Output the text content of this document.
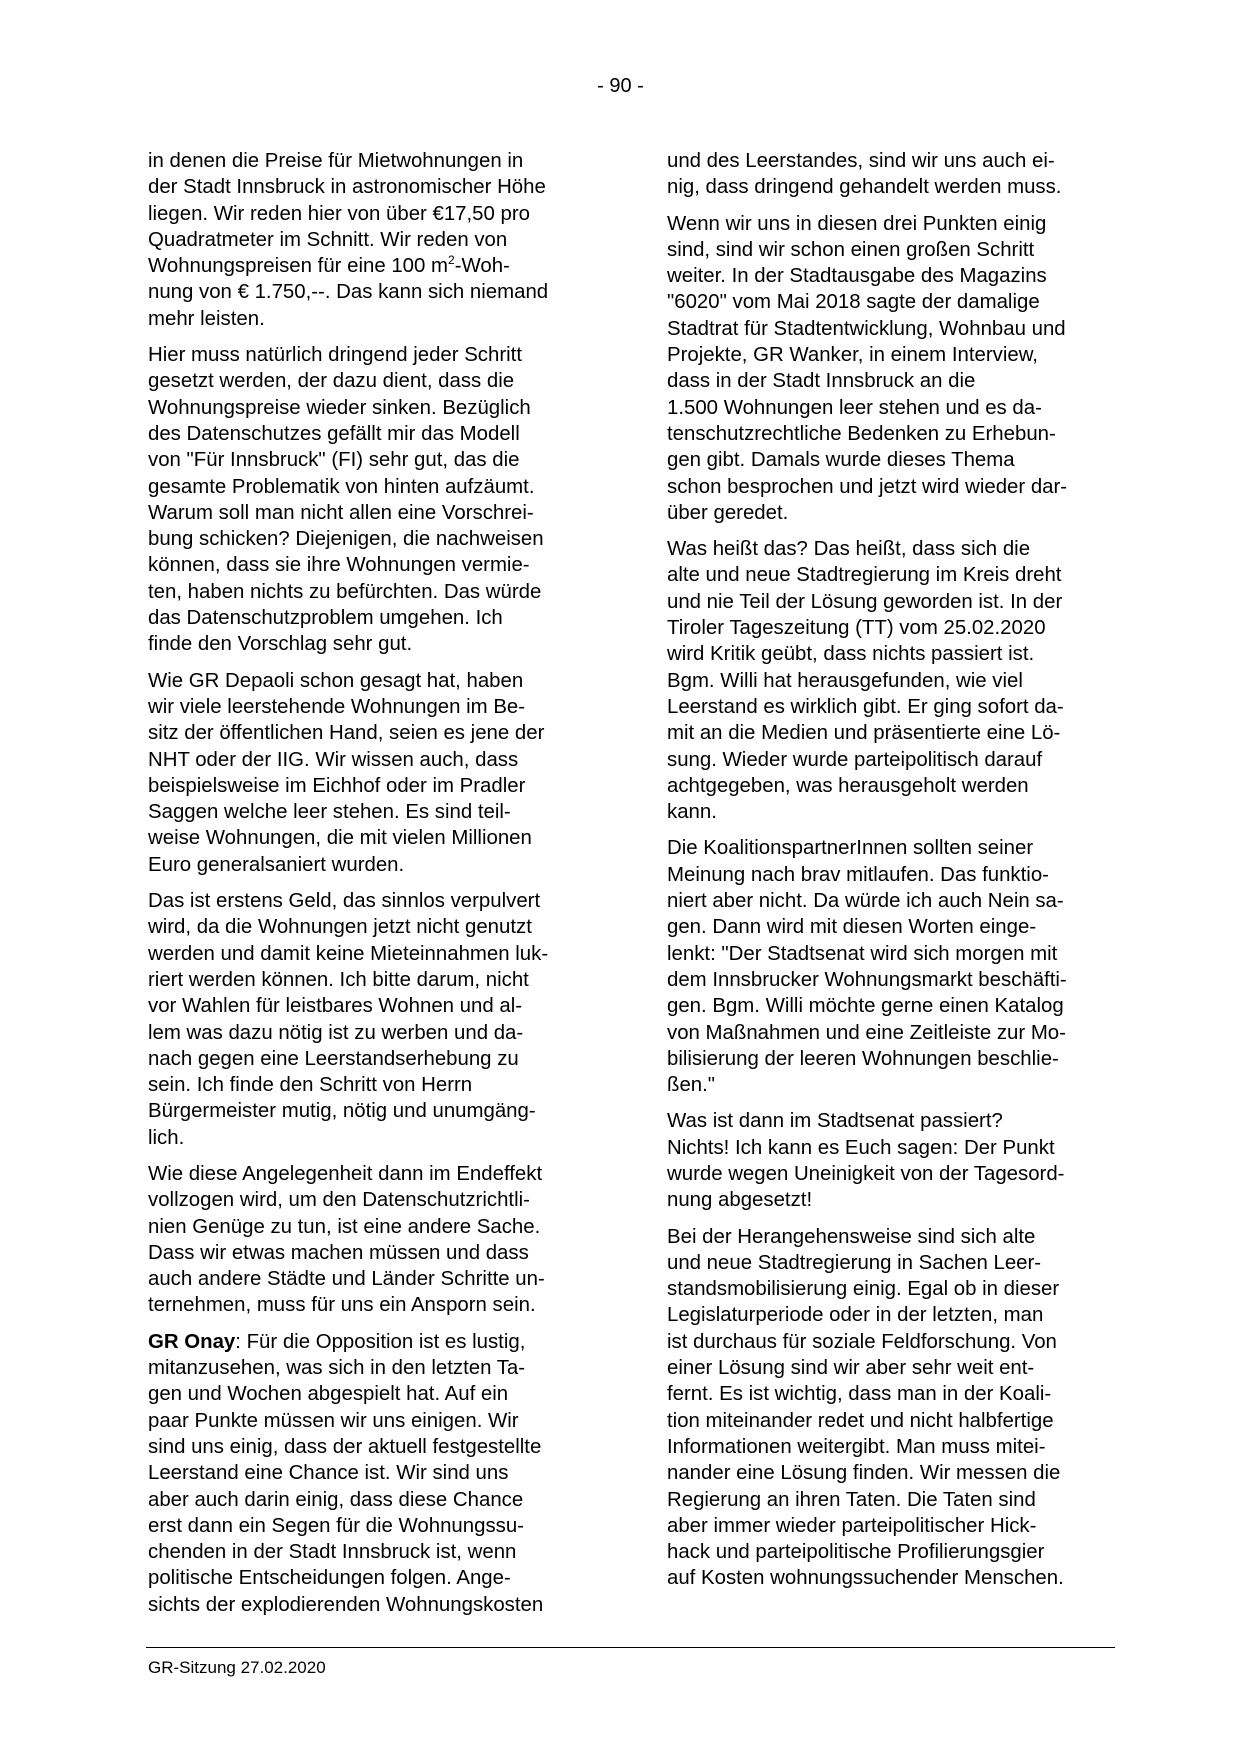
- 90 -

in denen die Preise für Mietwohnungen in
der Stadt Innsbruck in astronomischer Höhe
liegen. Wir reden hier von über €17,50 pro
Quadratmeter im Schnitt. Wir reden von
Wohnungspreisen für eine 100 $m^2-Woh-$
nung von € 1.750,--. Das kann sich niemand
mehr leisten.

Hier muss natürlich dringend jeder Schritt
gesetzt werden, der dazu dient, dass die
Wohnungspreise wieder sinken. Bezüglich
des Datenschutzes gefällt mir das Modell
von "Für Innsbruck" (FI) sehr gut, das die
gesamte Problematik von hinten aufzäumt.
Warum soll man nicht allen eine Vorschrei-
bung schicken? Diejenigen, die nachweisen
können, dass sie ihre Wohnungen vermie-
ten, haben nichts zu befürchten. Das würde
das Datenschutzproblem umgehen. Ich
finde den Vorschlag sehr gut.

Wie GR Depaoli schon gesagt hat, haben
wir viele leerstehende Wohnungen im Be-
sitz der öffentlichen Hand, seien es jene der
NHT oder der IIG. Wir wissen auch, dass
beispielsweise im Eichhof oder im Pradler
Saggen welche leer stehen. Es sind teil-
weise Wohnungen, die mit vielen Millionen
Euro generalsaniert wurden.

Das ist erstens Geld, das sinnlos verpulvert
wird, da die Wohnungen jetzt nicht genutzt
werden und damit keine Mieteinnahmen luk-
riert werden können. Ich bitte darum, nicht
vor Wahlen für leistbares Wohnen und al-
lem was dazu nötig ist zu werben und da-
nach gegen eine Leerstandserhebung zu
sein. Ich finde den Schritt von Herrn
Bürgermeister mutig, nötig und unumgäng-
lich.

Wie diese Angelegenheit dann im Endeffekt
vollzogen wird, um den Datenschutzrichtli-
nien Genüge zu tun, ist eine andere Sache.
Dass wir etwas machen müssen und dass
auch andere Städte und Länder Schritte un-
ternehmen, muss für uns ein Ansporn sein.

GR Onay: Für die Opposition ist es lustig,
mitanzusehen, was sich in den letzten Ta-
gen und Wochen abgespielt hat. Auf ein
paar Punkte müssen wir uns einigen. Wir
sind uns einig, dass der aktuell festgestellte
Leerstand eine Chance ist. Wir sind uns
aber auch darin einig, dass diese Chance
erst dann ein Segen für die Wohnungssu-
chenden in der Stadt Innsbruck ist, wenn
politische Entscheidungen folgen. Ange-
sichts der explodierenden Wohnungskosten

und des Leerstandes, sind wir uns auch ei-
nig, dass dringend gehandelt werden muss.

Wenn wir uns in diesen drei Punkten einig
sind, sind wir schon einen großen Schritt
weiter. In der Stadtausgabe des Magazins
"6020" vom Mai 2018 sagte der damalige
Stadtrat für Stadtentwicklung, Wohnbau und
Projekte, GR Wanker, in einem Interview,
dass in der Stadt Innsbruck an die
1.500 Wohnungen leer stehen und es da-
tenschutzrechtliche Bedenken zu Erhebun-
gen gibt. Damals wurde dieses Thema
schon besprochen und jetzt wird wieder dar-
über geredet.

Was heißt das? Das heißt, dass sich die
alte und neue Stadtregierung im Kreis dreht
und nie Teil der Lösung geworden ist. In der
Tiroler Tageszeitung (TT) vom 25.02.2020
wird Kritik geübt, dass nichts passiert ist.
Bgm. Willi hat herausgefunden, wie viel
Leerstand es wirklich gibt. Er ging sofort da-
mit an die Medien und präsentierte eine Lö-
sung. Wieder wurde parteipolitisch darauf
achtgegeben, was herausgeholt werden
kann.

Die KoalitionspartnerInnen sollten seiner
Meinung nach brav mitlaufen. Das funktio-
niert aber nicht. Da würde ich auch Nein sa-
gen. Dann wird mit diesen Worten einge-
lenkt: "Der Stadtsenat wird sich morgen mit
dem Innsbrucker Wohnungsmarkt beschäfti-
gen. Bgm. Willi möchte gerne einen Katalog
von Maßnahmen und eine Zeitleiste zur Mo-
bilisierung der leeren Wohnungen beschlie-
ßen."

Was ist dann im Stadtsenat passiert?
Nichts! Ich kann es Euch sagen: Der Punkt
wurde wegen Uneinigkeit von der Tagesord-
nung abgesetzt!

Bei der Herangehensweise sind sich alte
und neue Stadtregierung in Sachen Leer-
standsmobilisierung einig. Egal ob in dieser
Legislaturperiode oder in der letzten, man
ist durchaus für soziale Feldforschung. Von
einer Lösung sind wir aber sehr weit ent-
fernt. Es ist wichtig, dass man in der Koali-
tion miteinander redet und nicht halbfertige
Informationen weitergibt. Man muss mitei-
nander eine Lösung finden. Wir messen die
Regierung an ihren Taten. Die Taten sind
aber immer wieder parteipolitischer Hick-
hack und parteipolitische Profilierungsgier
auf Kosten wohnungssuchender Menschen.

GR-Sitzung 27.02.2020
